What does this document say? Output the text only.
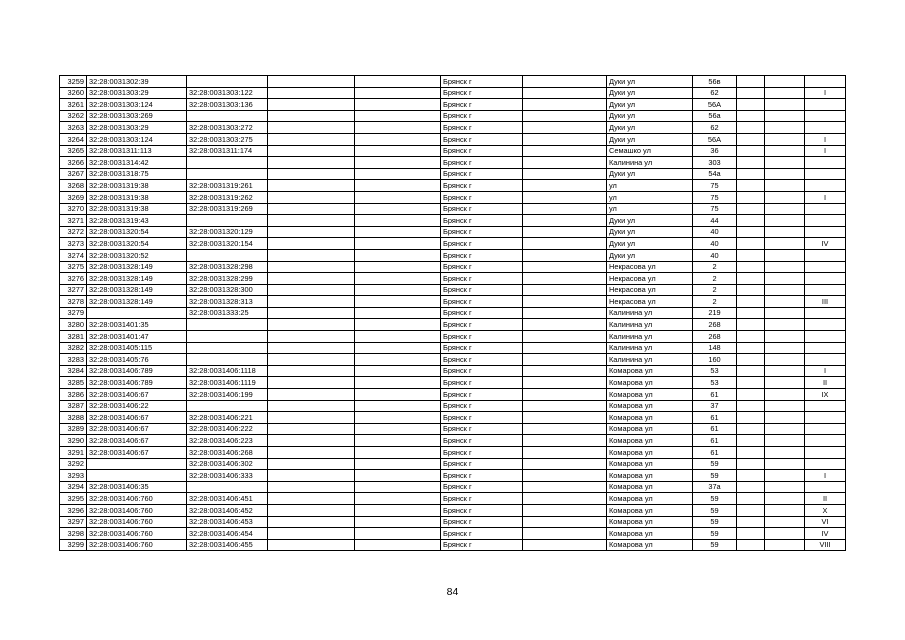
3259	32:28:0031302:39				Брянск г		Дуки ул	56в			
3260	32:28:0031303:29	32:28:0031303:122			Брянск г		Дуки ул	62			I
3261	32:28:0031303:124	32:28:0031303:136			Брянск г		Дуки ул	56А			
3262	32:28:0031303:269				Брянск г		Дуки ул	56а			
3263	32:28:0031303:29	32:28:0031303:272			Брянск г		Дуки ул	62			
3264	32:28:0031303:124	32:28:0031303:275			Брянск г		Дуки ул	56А			I
3265	32:28:0031311:113	32:28:0031311:174			Брянск г		Семашко ул	36			I
3266	32:28:0031314:42				Брянск г		Калинина ул	303			
3267	32:28:0031318:75				Брянск г		Дуки ул	54а			
3268	32:28:0031319:38	32:28:0031319:261			Брянск г		ул	75			
3269	32:28:0031319:38	32:28:0031319:262			Брянск г		ул	75			I
3270	32:28:0031319:38	32:28:0031319:269			Брянск г		ул	75			
3271	32:28:0031319:43				Брянск г		Дуки ул	44			
3272	32:28:0031320:54	32:28:0031320:129			Брянск г		Дуки ул	40			
3273	32:28:0031320:54	32:28:0031320:154			Брянск г		Дуки ул	40			IV
3274	32:28:0031320:52				Брянск г		Дуки ул	40			
3275	32:28:0031328:149	32:28:0031328:298			Брянск г		Некрасова ул	2			
3276	32:28:0031328:149	32:28:0031328:299			Брянск г		Некрасова ул	2			
3277	32:28:0031328:149	32:28:0031328:300			Брянск г		Некрасова ул	2			
3278	32:28:0031328:149	32:28:0031328:313			Брянск г		Некрасова ул	2			III
3279		32:28:0031333:25			Брянск г		Калинина ул	219			
3280	32:28:0031401:35				Брянск г		Калинина ул	268			
3281	32:28:0031401:47				Брянск г		Калинина ул	268			
3282	32:28:0031405:115				Брянск г		Калинина ул	148			
3283	32:28:0031405:76				Брянск г		Калинина ул	160			
3284	32:28:0031406:789	32:28:0031406:1118			Брянск г		Комарова ул	53			I
3285	32:28:0031406:789	32:28:0031406:1119			Брянск г		Комарова ул	53			II
3286	32:28:0031406:67	32:28:0031406:199			Брянск г		Комарова ул	61			IX
3287	32:28:0031406:22				Брянск г		Комарова ул	37			
3288	32:28:0031406:67	32:28:0031406:221			Брянск г		Комарова ул	61			
3289	32:28:0031406:67	32:28:0031406:222			Брянск г		Комарова ул	61			
3290	32:28:0031406:67	32:28:0031406:223			Брянск г		Комарова ул	61			
3291	32:28:0031406:67	32:28:0031406:268			Брянск г		Комарова ул	61			
3292		32:28:0031406:302			Брянск г		Комарова ул	59			
3293		32:28:0031406:333			Брянск г		Комарова ул	59			I
3294	32:28:0031406:35				Брянск г		Комарова ул	37а			
3295	32:28:0031406:760	32:28:0031406:451			Брянск г		Комарова ул	59			II
3296	32:28:0031406:760	32:28:0031406:452			Брянск г		Комарова ул	59			X
3297	32:28:0031406:760	32:28:0031406:453			Брянск г		Комарова ул	59			VI
3298	32:28:0031406:760	32:28:0031406:454			Брянск г		Комарова ул	59			IV
3299	32:28:0031406:760	32:28:0031406:455			Брянск г		Комарова ул	59			VIII
84
